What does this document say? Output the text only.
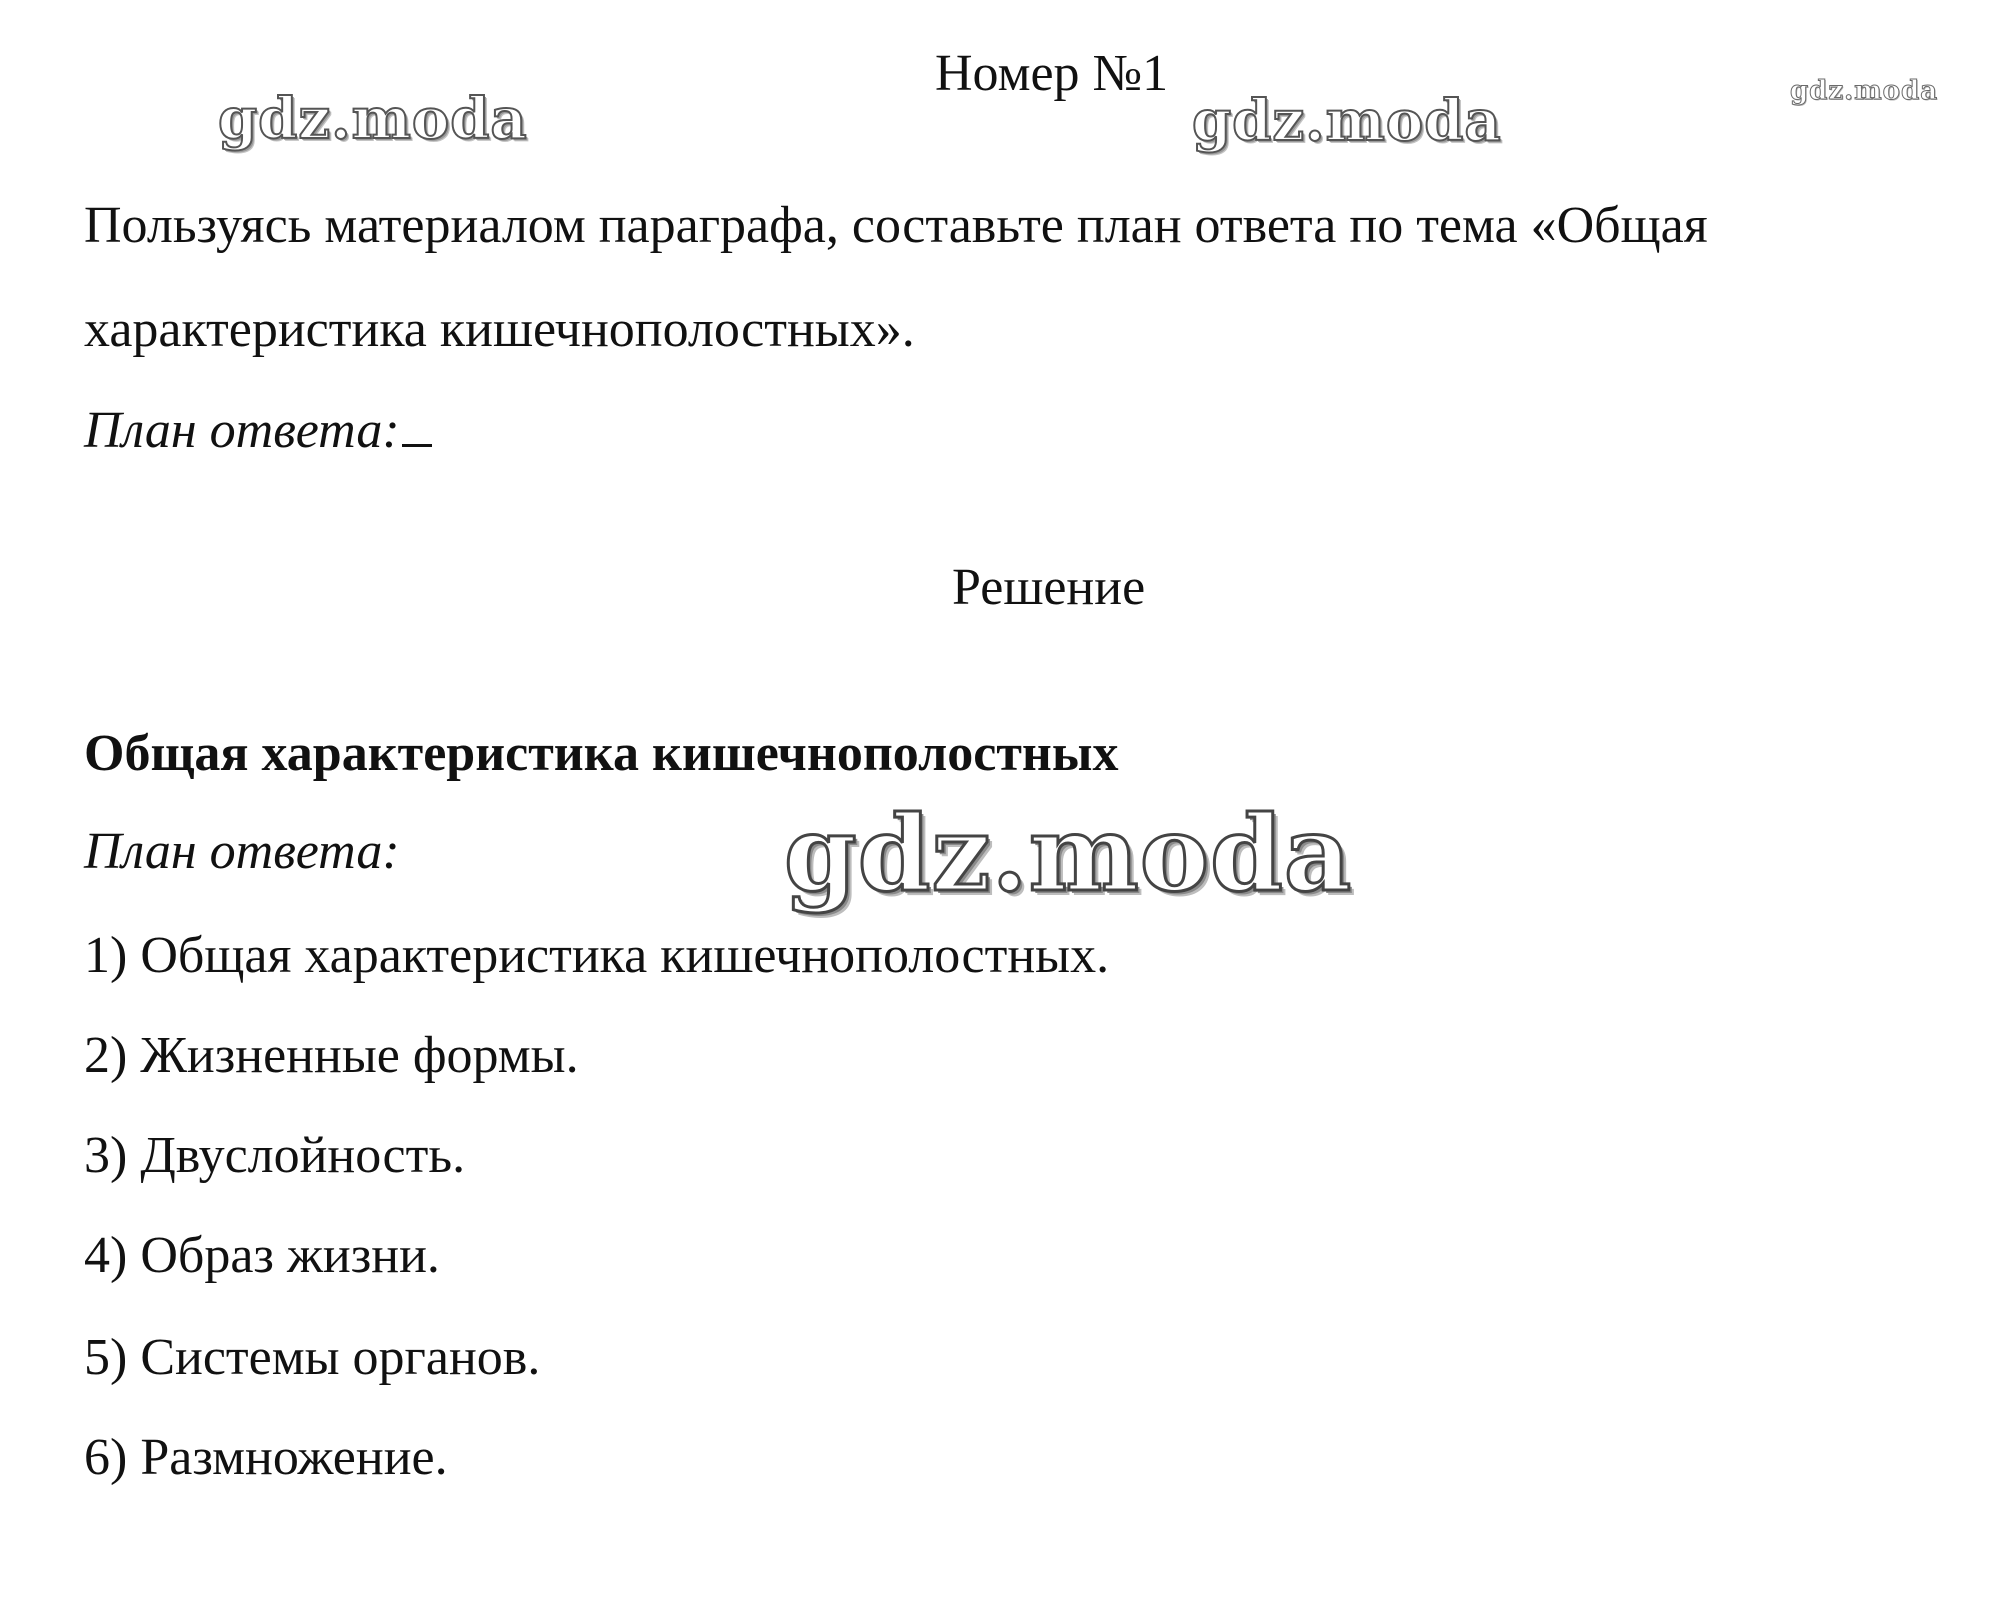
Номер №1
gdz.moda	gdz.moda	gdz.moda
Пользуясь материалом параграфа, составьте план ответа по тема «Общая
характеристика кишечнополостных».
План ответа:
Решение
Общая характеристика кишечнополостных
gdz.moda
План ответа:
1) Общая характеристика кишечнополостных.
2) Жизненные формы.
3) Двуслойность.
4) Образ жизни.
5) Системы органов.
6) Размножение.
